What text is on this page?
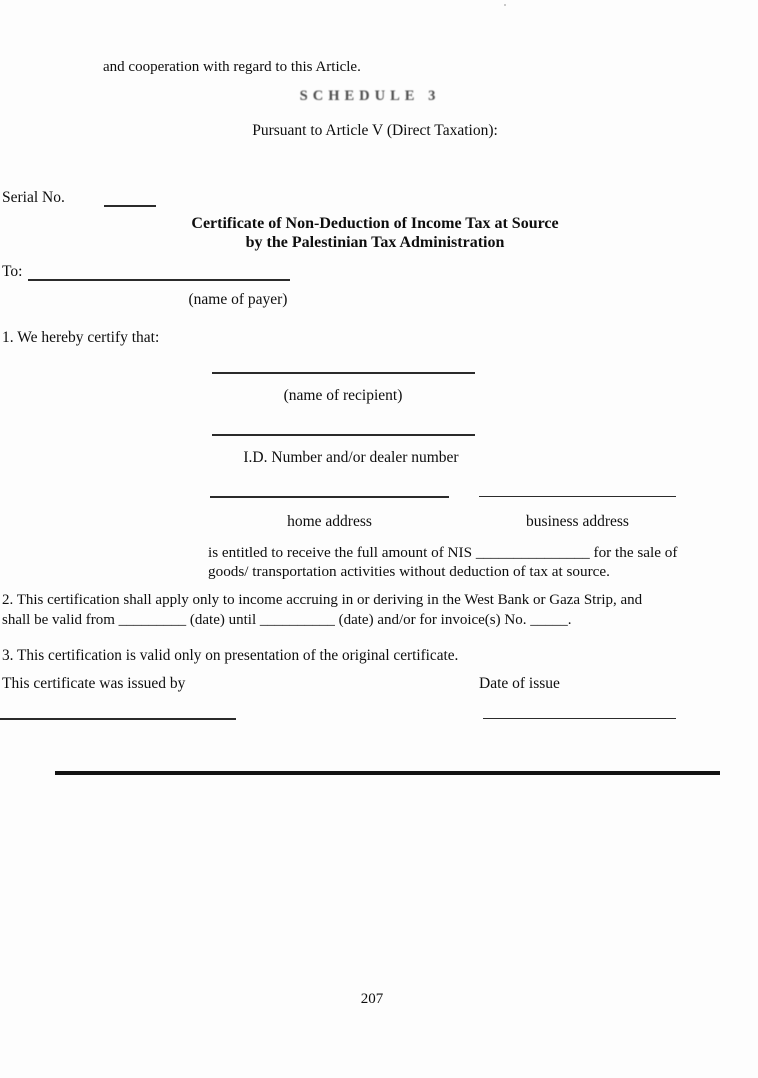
and cooperation with regard to this Article.
SCHEDULE 3
Pursuant to Article V (Direct Taxation):
Serial No.
Certificate of Non-Deduction of Income Tax at Source
by the Palestinian Tax Administration
To:
(name of payer)
1. We hereby certify that:
(name of recipient)
I.D. Number and/or dealer number
home address	business address
is entitled to receive the full amount of NIS _______________ for the sale of
goods/ transportation activities without deduction of tax at source.
2. This certification shall apply only to income accruing in or deriving in the West Bank or Gaza Strip, and
shall be valid from _________ (date) until __________ (date) and/or for invoice(s) No. _____.
3. This certification is valid only on presentation of the original certificate.
This certificate was issued by	Date of issue
207
